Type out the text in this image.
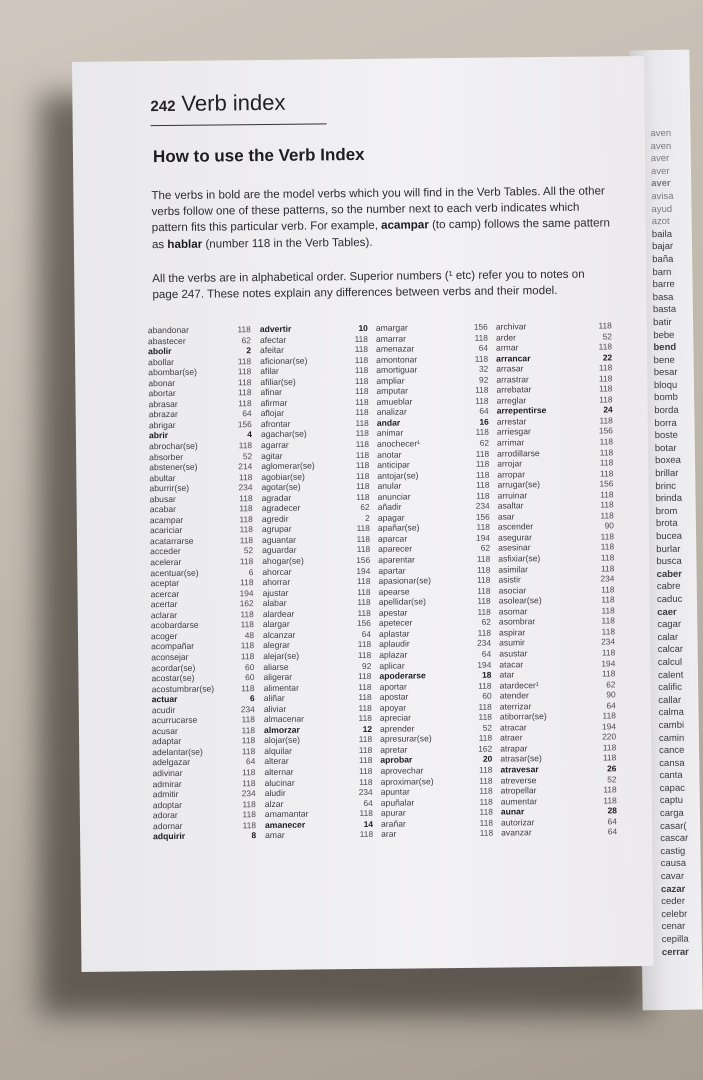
aven
aven
aver
aver
aver
avisa
ayud
azot
baila
bajar
baña
barn
barre
basa
basta
batir
bebe
bend
bene
besar
bloqu
bomb
borda
borra
boste
botar
boxea
brillar
brinc
brinda
brom
brota
bucea
burlar
busca
caber
cabre
caduc
caer
cagar
calar
calcar
calcul
calent
calific
callar
calma
cambi
camin
cance
cansa
canta
capac
captu
carga
casar(
cascar
castig
causa
cavar
cazar
ceder
celebr
cenar
cepilla
cerrar
242 Verb index
How to use the Verb Index
The verbs in bold are the model verbs which you will find in the Verb Tables. All the other verbs follow one of these patterns, so the number next to each verb indicates which pattern fits this particular verb. For example, acampar (to camp) follows the same pattern as hablar (number 118 in the Verb Tables).
All the verbs are in alphabetical order. Superior numbers (¹ etc) refer you to notes on page 247. These notes explain any differences between verbs and their model.
abandonar	118
abastecer	62
abolir	2
abollar	118
abombar(se)	118
abonar	118
abortar	118
abrasar	118
abrazar	64
abrigar	156
abrir	4
abrochar(se)	118
absorber	52
abstener(se)	214
abultar	118
aburrir(se)	234
abusar	118
acabar	118
acampar	118
acariciar	118
acatarrarse	118
acceder	52
acelerar	118
acentuar(se)	6
aceptar	118
acercar	194
acertar	162
aclarar	118
acobardarse	118
acoger	48
acompañar	118
aconsejar	118
acordar(se)	60
acostar(se)	60
acostumbrar(se)	118
actuar	6
acudir	234
acurrucarse	118
acusar	118
adaptar	118
adelantar(se)	118
adelgazar	64
adivinar	118
admirar	118
admitir	234
adoptar	118
adorar	118
adornar	118
adquirir	8
advertir	10
afectar	118
afeitar	118
aficionar(se)	118
afilar	118
afiliar(se)	118
afinar	118
afirmar	118
aflojar	118
afrontar	118
agachar(se)	118
agarrar	118
agitar	118
aglomerar(se)	118
agobiar(se)	118
agotar(se)	118
agradar	118
agradecer	62
agredir	2
agrupar	118
aguantar	118
aguardar	118
ahogar(se)	156
ahorcar	194
ahorrar	118
ajustar	118
alabar	118
alardear	118
alargar	156
alcanzar	64
alegrar	118
alejar(se)	118
aliarse	92
aligerar	118
alimentar	118
aliñar	118
aliviar	118
almacenar	118
almorzar	12
alojar(se)	118
alquilar	118
alterar	118
alternar	118
alucinar	118
aludir	234
alzar	64
amamantar	118
amanecer	14
amar	118
amargar	156
amarrar	118
amenazar	64
amontonar	118
amortiguar	32
ampliar	92
amputar	118
amueblar	118
analizar	64
andar	16
animar	118
anochecer¹	62
anotar	118
anticipar	118
antojar(se)	118
anular	118
anunciar	118
añadir	234
apagar	156
apañar(se)	118
aparcar	194
aparecer	62
aparentar	118
apartar	118
apasionar(se)	118
apearse	118
apellidar(se)	118
apestar	118
apetecer	62
aplastar	118
aplaudir	234
aplazar	64
aplicar	194
apoderarse	18
aportar	118
apostar	60
apoyar	118
apreciar	118
aprender	52
apresurar(se)	118
apretar	162
aprobar	20
aprovechar	118
aproximar(se)	118
apuntar	118
apuñalar	118
apurar	118
arañar	118
arar	118
archivar	118
arder	52
armar	118
arrancar	22
arrasar	118
arrastrar	118
arrebatar	118
arreglar	118
arrepentirse	24
arrestar	118
arriesgar	156
arrimar	118
arrodillarse	118
arrojar	118
arropar	118
arrugar(se)	156
arruinar	118
asaltar	118
asar	118
ascender	90
asegurar	118
asesinar	118
asfixiar(se)	118
asimilar	118
asistir	234
asociar	118
asolear(se)	118
asomar	118
asombrar	118
aspirar	118
asumir	234
asustar	118
atacar	194
atar	118
atardecer¹	62
atender	90
aterrizar	64
atiborrar(se)	118
atracar	194
atraer	220
atrapar	118
atrasar(se)	118
atravesar	26
atreverse	52
atropellar	118
aumentar	118
aunar	28
autorizar	64
avanzar	64
